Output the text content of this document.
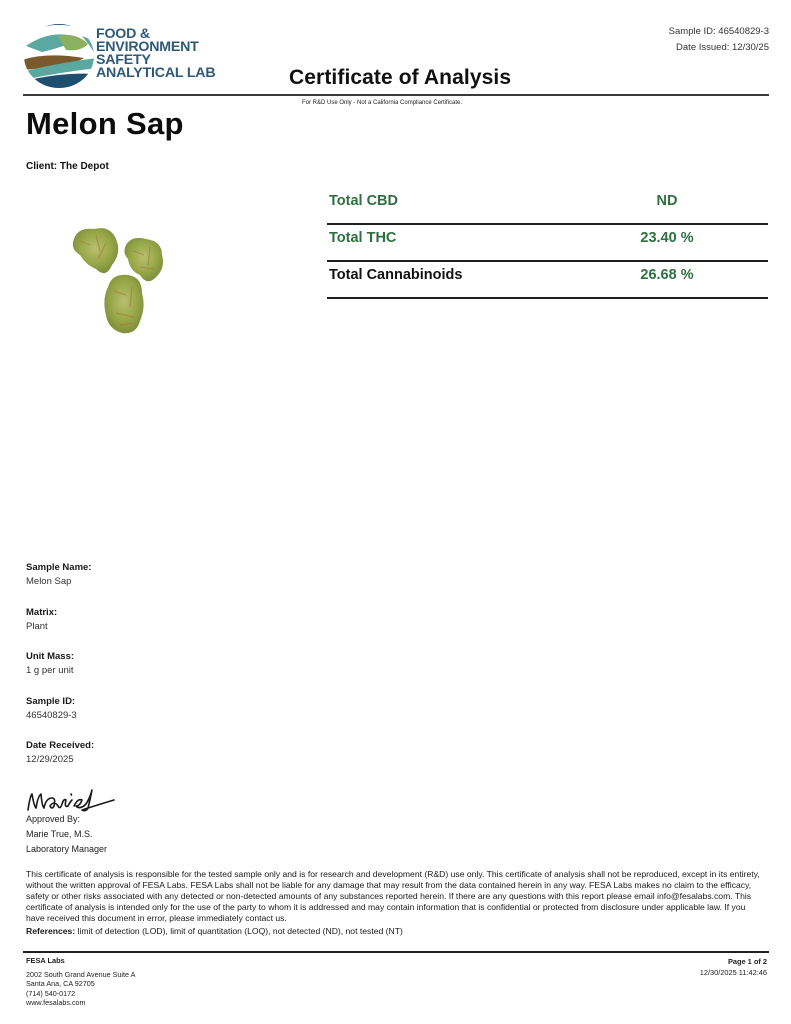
FOOD &
ENVIRONMENT
SAFETY
ANALYTICAL LAB
Sample ID: 46540829-3
Date Issued: 12/30/25
Certificate of Analysis
For R&D Use Only - Not a California Compliance Certificate.
Melon Sap
Client: The Depot
Total CBD	ND
Total THC	23.40 %
Total Cannabinoids	26.68 %
Sample Name:
Melon Sap
Matrix:
Plant
Unit Mass:
1 g per unit
Sample ID:
46540829-3
Date Received:
12/29/2025
Approved By:
Marie True, M.S.
Laboratory Manager
This certificate of analysis is responsible for the tested sample only and is for research and development (R&D) use only. This certificate of analysis shall not be reproduced, except in its entirety, without the written approval of FESA Labs. FESA Labs shall not be liable for any damage that may result from the data contained herein in any way. FESA Labs makes no claim to the efficacy, safety or other risks associated with any detected or non-detected amounts of any substances reported herein. If there are any questions with this report please email info@fesalabs.com. This certificate of analysis is intended only for the use of the party to whom it is addressed and may contain information that is confidential or protected from disclosure under applicable law. If you have received this document in error, please immediately contact us.
References: limit of detection (LOD), limit of quantitation (LOQ), not detected (ND), not tested (NT)
FESA Labs
2002 South Grand Avenue Suite A
Santa Ana, CA 92705
(714) 540-0172
www.fesalabs.com
Page 1 of 2
12/30/2025 11:42:46
